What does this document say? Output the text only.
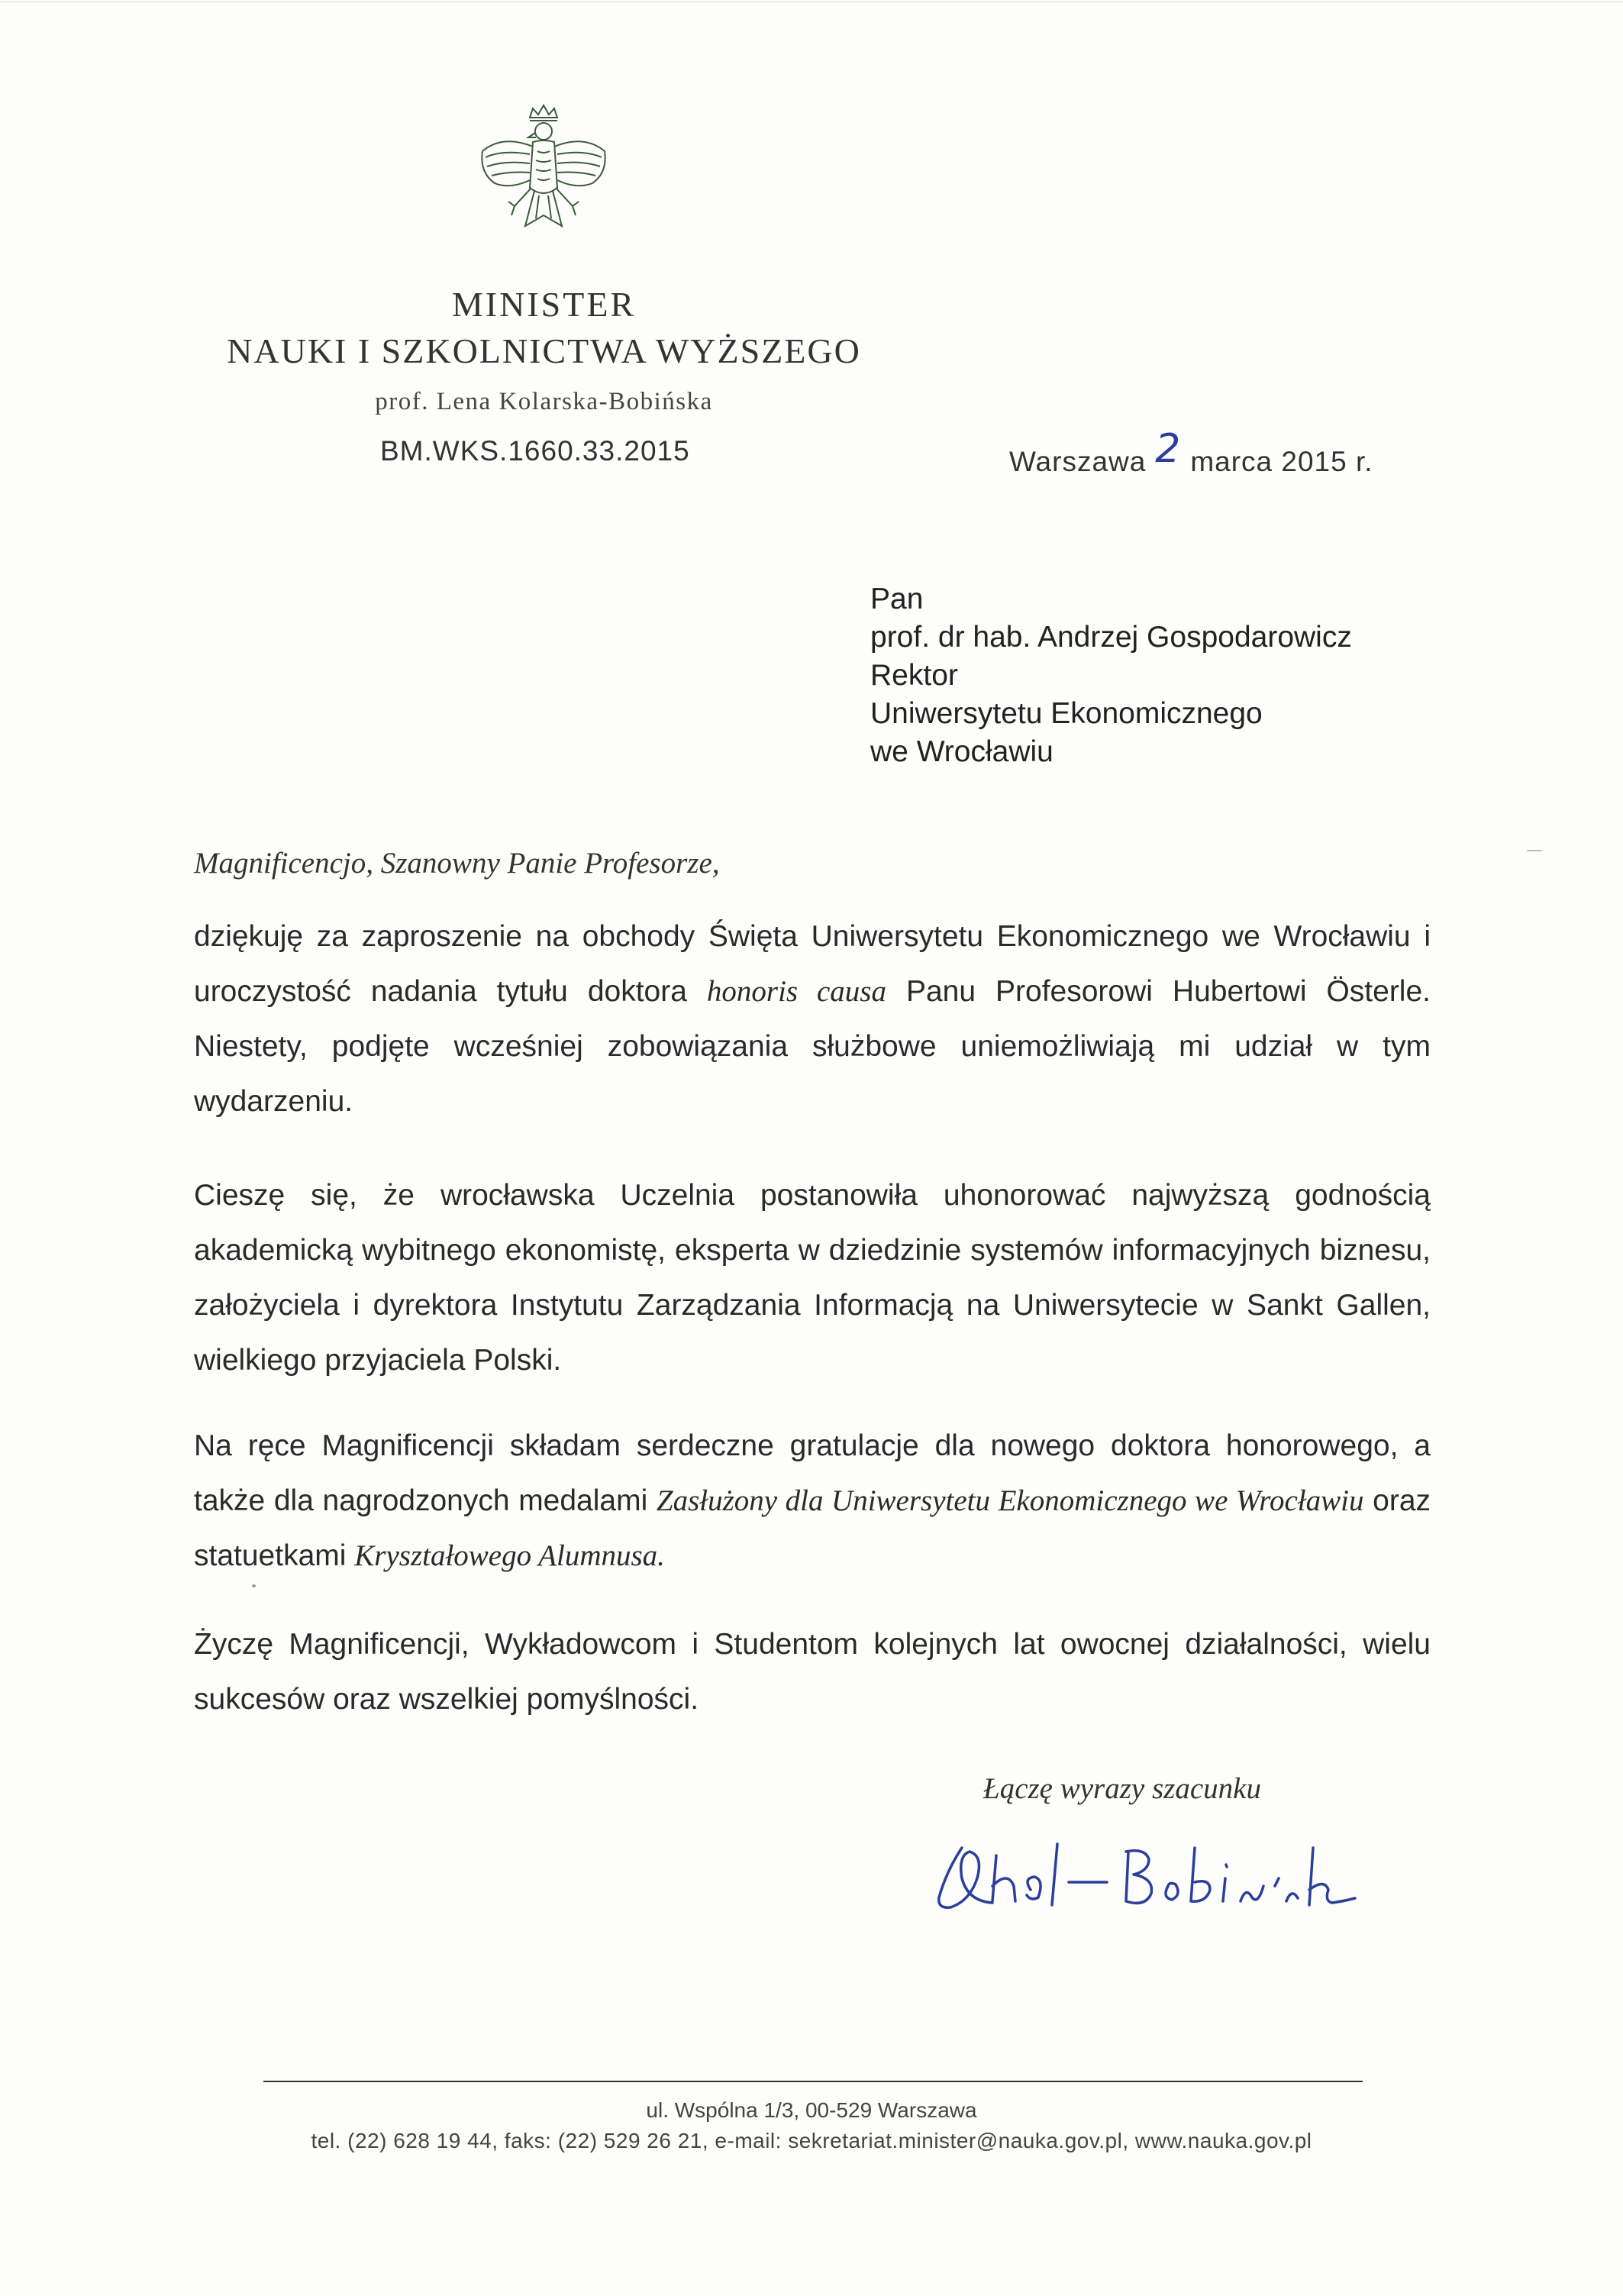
MINISTER
NAUKI I SZKOLNICTWA WYŻSZEGO
prof. Lena Kolarska-Bobińska
BM.WKS.1660.33.2015	Warszawa 2 marca 2015 r.
Pan
prof. dr hab. Andrzej Gospodarowicz
Rektor
Uniwersytetu Ekonomicznego
we Wrocławiu
Magnificencjo, Szanowny Panie Profesorze,
dziękuję za zaproszenie na obchody Święta Uniwersytetu Ekonomicznego we Wrocławiu i uroczystość nadania tytułu doktora honoris causa Panu Profesorowi Hubertowi Österle. Niestety, podjęte wcześniej zobowiązania służbowe uniemożliwiają mi udział w tym wydarzeniu.
Cieszę się, że wrocławska Uczelnia postanowiła uhonorować najwyższą godnością akademicką wybitnego ekonomistę, eksperta w dziedzinie systemów informacyjnych biznesu, założyciela i dyrektora Instytutu Zarządzania Informacją na Uniwersytecie w Sankt Gallen, wielkiego przyjaciela Polski.
Na ręce Magnificencji składam serdeczne gratulacje dla nowego doktora honorowego, a także dla nagrodzonych medalami Zasłużony dla Uniwersytetu Ekonomicznego we Wrocławiu oraz statuetkami Kryształowego Alumnusa.
Życzę Magnificencji, Wykładowcom i Studentom kolejnych lat owocnej działalności, wielu sukcesów oraz wszelkiej pomyślności.
Łączę wyrazy szacunku
ul. Wspólna 1/3, 00-529 Warszawa
tel. (22) 628 19 44, faks: (22) 529 26 21, e-mail: sekretariat.minister@nauka.gov.pl, www.nauka.gov.pl
